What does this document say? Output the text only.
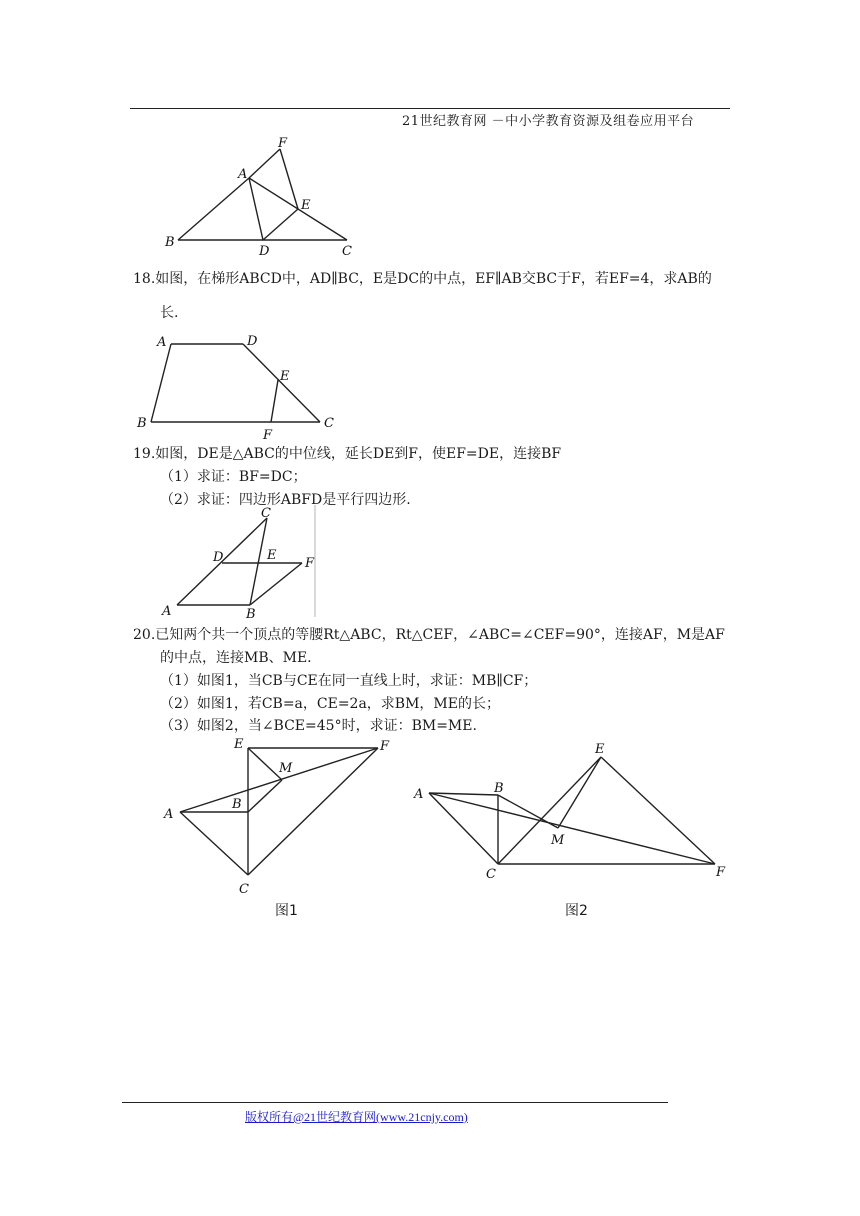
21世纪教育网 －中小学教育资源及组卷应用平台
F
A
E
B
D	C
18.如图，在梯形ABCD中，AD∥BC，E是DC的中点，EF∥AB交BC于F，若EF=4，求AB的
长.
A	D
E
B	C
F
19.如图，DE是△ABC的中位线，延长DE到F，使EF=DE，连接BF
（1）求证：BF=DC；
（2）求证：四边形ABFD是平行四边形.
C
D	E
F
A	B
20.已知两个共一个顶点的等腰Rt△ABC，Rt△CEF，∠ABC=∠CEF=90°，连接AF，M是AF
的中点，连接MB、ME.
（1）如图1，当CB与CE在同一直线上时，求证：MB∥CF；
（2）如图1，若CB=a，CE=2a，求BM，ME的长；
（3）如图2，当∠BCE=45°时，求证：BM=ME.
E	F
M
A
B
C
图1
E
B
A
M
C	F
图2
版权所有@21世纪教育网(www.21cnjy.com)
